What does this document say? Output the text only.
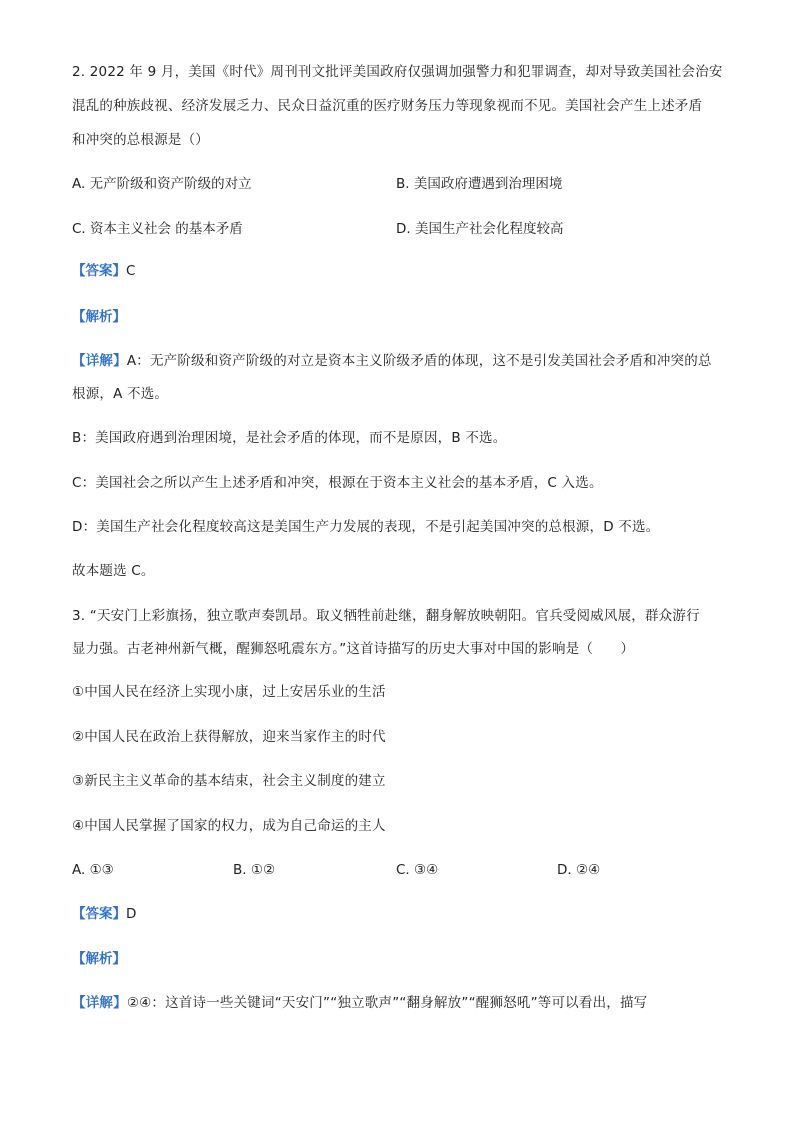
2. 2022 年 9 月，美国《时代》周刊刊文批评美国政府仅强调加强警力和犯罪调查，却对导致美国社会治安
混乱的种族歧视、经济发展乏力、民众日益沉重的医疗财务压力等现象视而不见。美国社会产生上述矛盾
和冲突的总根源是（）
A. 无产阶级和资产阶级的对立	B. 美国政府遭遇到治理困境
C. 资本主义社会 的基本矛盾	D. 美国生产社会化程度较高
【答案】C
【解析】
【详解】A：无产阶级和资产阶级的对立是资本主义阶级矛盾的体现，这不是引发美国社会矛盾和冲突的总
根源，A 不选。
B：美国政府遇到治理困境，是社会矛盾的体现，而不是原因，B 不选。
C：美国社会之所以产生上述矛盾和冲突，根源在于资本主义社会的基本矛盾，C 入选。
D：美国生产社会化程度较高这是美国生产力发展的表现，不是引起美国冲突的总根源，D 不选。
故本题选 C。
3. “天安门上彩旗扬，独立歌声奏凯昂。取义牺牲前赴继，翻身解放映朝阳。官兵受阅威风展，群众游行
显力强。古老神州新气概，醒狮怒吼震东方。”这首诗描写的历史大事对中国的影响是（　　）
①中国人民在经济上实现小康，过上安居乐业的生活
②中国人民在政治上获得解放，迎来当家作主的时代
③新民主主义革命的基本结束，社会主义制度的建立
④中国人民掌握了国家的权力，成为自己命运的主人
A. ①③	B. ①②	C. ③④	D. ②④
【答案】D
【解析】
【详解】②④：这首诗一些关键词“天安门”“独立歌声”“翻身解放”“醒狮怒吼”等可以看出，描写
